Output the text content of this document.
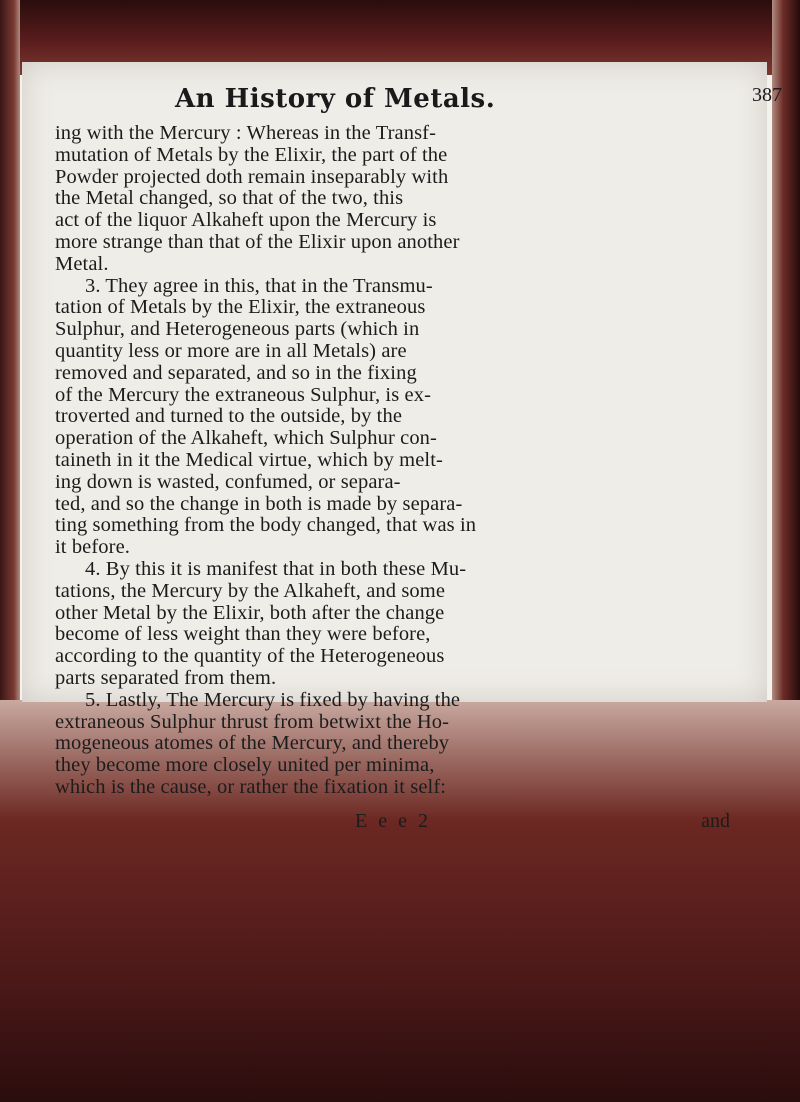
An History of Metals.	387

ing with the Mercury : Whereas in the Transf-

mutation of Metals by the Elixir, the part of the

Powder projected doth remain inseparably with

the Metal changed, so that of the two, this

act of the liquor Alkaheft upon the Mercury is

more strange than that of the Elixir upon another

Metal.

3. They agree in this, that in the Transmu-

tation of Metals by the Elixir, the extraneous

Sulphur, and Heterogeneous parts (which in

quantity less or more are in all Metals) are

removed and separated, and so in the fixing

of the Mercury the extraneous Sulphur, is ex-

troverted and turned to the outside, by the

operation of the Alkaheft, which Sulphur con-

taineth in it the Medical virtue, which by melt-

ing down is wasted, confumed, or separa-

ted, and so the change in both is made by separa-

ting something from the body changed, that was in

it before.

4. By this it is manifest that in both these Mu-

tations, the Mercury by the Alkaheft, and some

other Metal by the Elixir, both after the change

become of less weight than they were before,

according to the quantity of the Heterogeneous

parts separated from them.

5. Lastly, The Mercury is fixed by having the

extraneous Sulphur thrust from betwixt the Ho-

mogeneous atomes of the Mercury, and thereby

they become more closely united per minima,

which is the cause, or rather the fixation it self:

E e e 2	and
